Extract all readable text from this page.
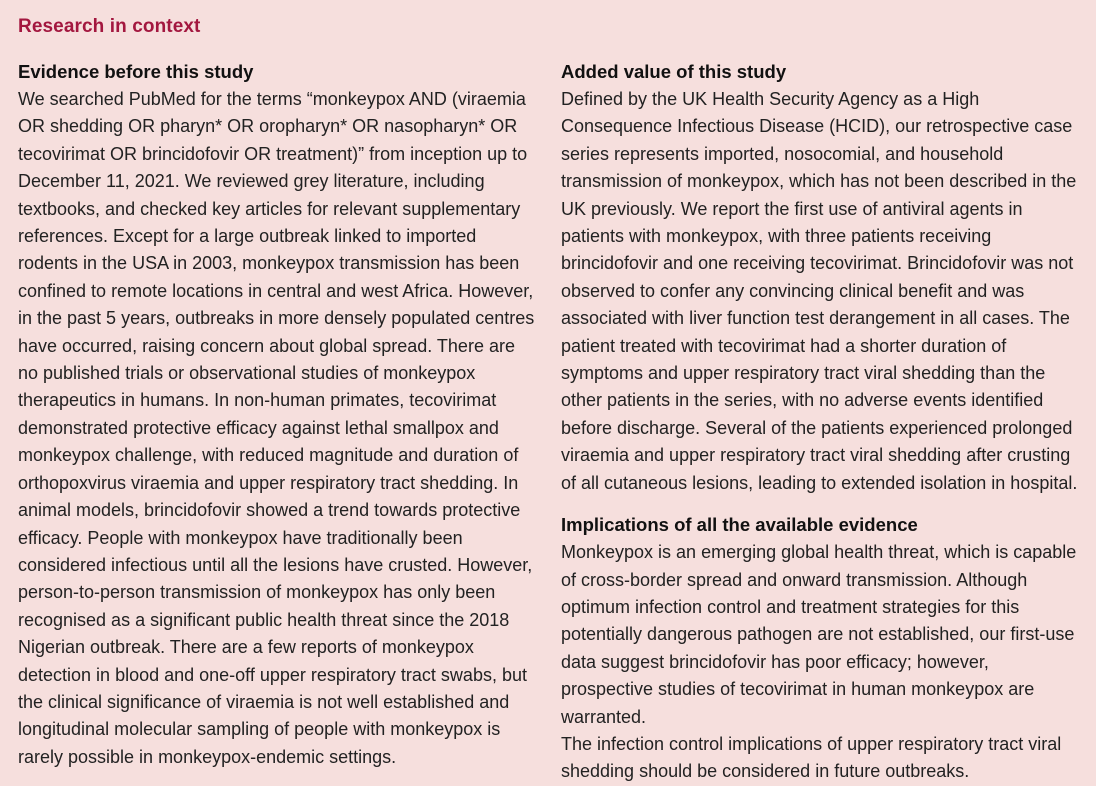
Research in context
Evidence before this study

We searched PubMed for the terms “monkeypox AND (viraemia OR shedding OR pharyn* OR oropharyn* OR nasopharyn* OR tecovirimat OR brincidofovir OR treatment)” from inception up to December 11, 2021. We reviewed grey literature, including textbooks, and checked key articles for relevant supplementary references. Except for a large outbreak linked to imported rodents in the USA in 2003, monkeypox transmission has been confined to remote locations in central and west Africa. However, in the past 5 years, outbreaks in more densely populated centres have occurred, raising concern about global spread. There are no published trials or observational studies of monkeypox therapeutics in humans. In non-human primates, tecovirimat demonstrated protective efficacy against lethal smallpox and monkeypox challenge, with reduced magnitude and duration of orthopoxvirus viraemia and upper respiratory tract shedding. In animal models, brincidofovir showed a trend towards protective efficacy. People with monkeypox have traditionally been considered infectious until all the lesions have crusted. However, person-to-person transmission of monkeypox has only been recognised as a significant public health threat since the 2018 Nigerian outbreak. There are a few reports of monkeypox detection in blood and one-off upper respiratory tract swabs, but the clinical significance of viraemia is not well established and longitudinal molecular sampling of people with monkeypox is rarely possible in monkeypox-endemic settings.

Added value of this study

Defined by the UK Health Security Agency as a High Consequence Infectious Disease (HCID), our retrospective case series represents imported, nosocomial, and household transmission of monkeypox, which has not been described in the UK previously. We report the first use of antiviral agents in patients with monkeypox, with three patients receiving brincidofovir and one receiving tecovirimat. Brincidofovir was not observed to confer any convincing clinical benefit and was associated with liver function test derangement in all cases. The patient treated with tecovirimat had a shorter duration of symptoms and upper respiratory tract viral shedding than the other patients in the series, with no adverse events identified before discharge. Several of the patients experienced prolonged viraemia and upper respiratory tract viral shedding after crusting of all cutaneous lesions, leading to extended isolation in hospital.

Implications of all the available evidence

Monkeypox is an emerging global health threat, which is capable of cross-border spread and onward transmission. Although optimum infection control and treatment strategies for this potentially dangerous pathogen are not established, our first-use data suggest brincidofovir has poor efficacy; however, prospective studies of tecovirimat in human monkeypox are warranted.
The infection control implications of upper respiratory tract viral shedding should be considered in future outbreaks.
